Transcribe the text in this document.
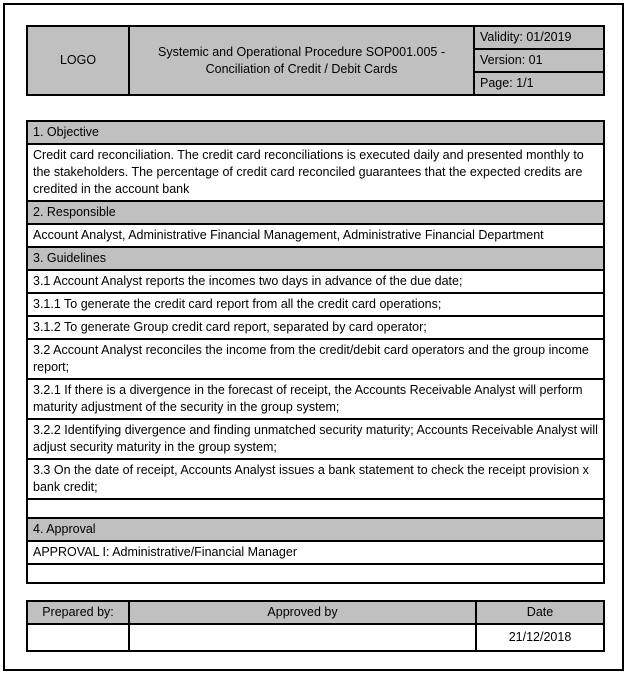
LOGO	Systemic and Operational Procedure SOP001.005 - Conciliation of Credit / Debit Cards	Validity: 01/2019
Version: 01
Page: 1/1
1. Objective
Credit card reconciliation. The credit card reconciliations is executed daily and presented monthly to the stakeholders. The percentage of credit card reconciled guarantees that the expected credits are credited in the account bank
2. Responsible
Account Analyst, Administrative Financial Management, Administrative Financial Department
3. Guidelines
3.1 Account Analyst reports the incomes two days in advance of the due date;
3.1.1 To generate the credit card report from all the credit card operations;
3.1.2 To generate Group credit card report, separated by card operator;
3.2 Account Analyst reconciles the income from the credit/debit card operators and the group income report;
3.2.1 If there is a divergence in the forecast of receipt, the Accounts Receivable Analyst will perform maturity adjustment of the security in the group system;
3.2.2 Identifying divergence and finding unmatched security maturity; Accounts Receivable Analyst will adjust security maturity in the group system;
3.3 On the date of receipt, Accounts Analyst issues a bank statement to check the receipt provision x bank credit;

4. Approval
APPROVAL I: Administrative/Financial Manager

Prepared by:	Approved by	Date
		21/12/2018
